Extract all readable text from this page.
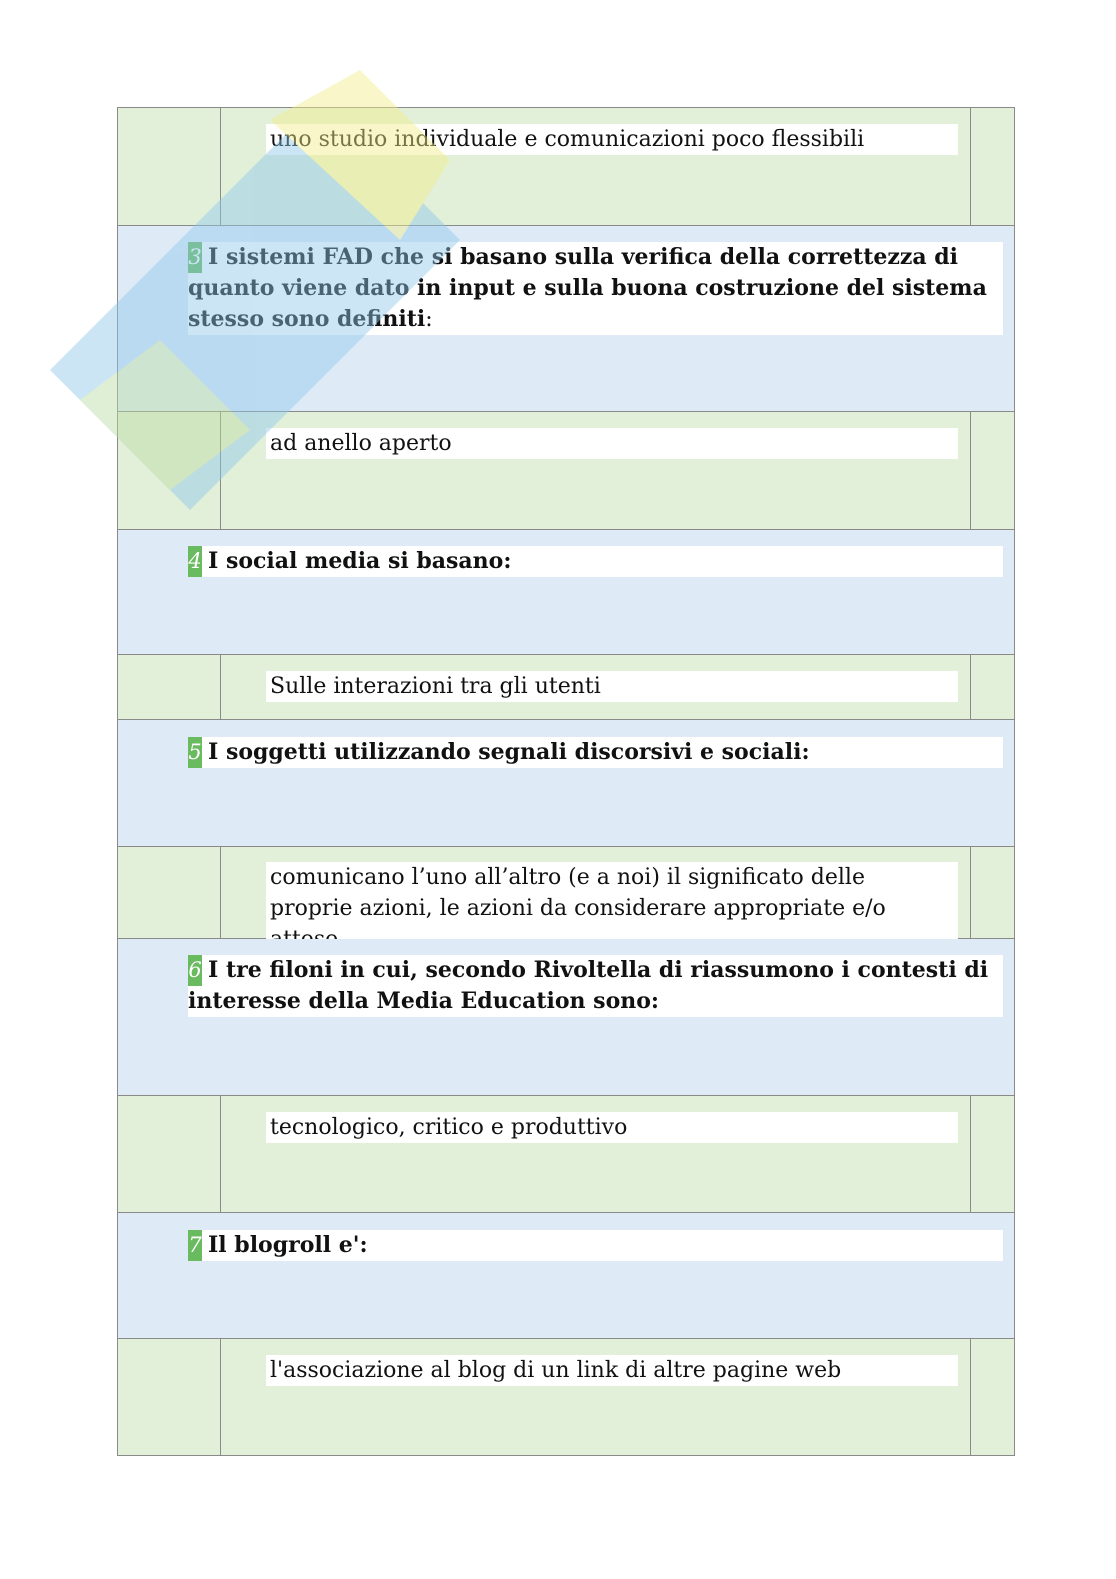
uno studio individuale e comunicazioni poco flessibili
3 I sistemi FAD che si basano sulla verifica della correttezza di quanto viene dato in input e sulla buona costruzione del sistema stesso sono definiti:
ad anello aperto
4 I social media si basano:
Sulle interazioni tra gli utenti
5 I soggetti utilizzando segnali discorsivi e sociali:
comunicano l’uno all’altro (e a noi) il significato delle proprie azioni, le azioni da considerare appropriate e/o
6 I tre filoni in cui, secondo Rivoltella di riassumono i contesti di interesse della Media Education sono:
tecnologico, critico e produttivo
7 Il blogroll e':
l'associazione al blog di un link di altre pagine web
